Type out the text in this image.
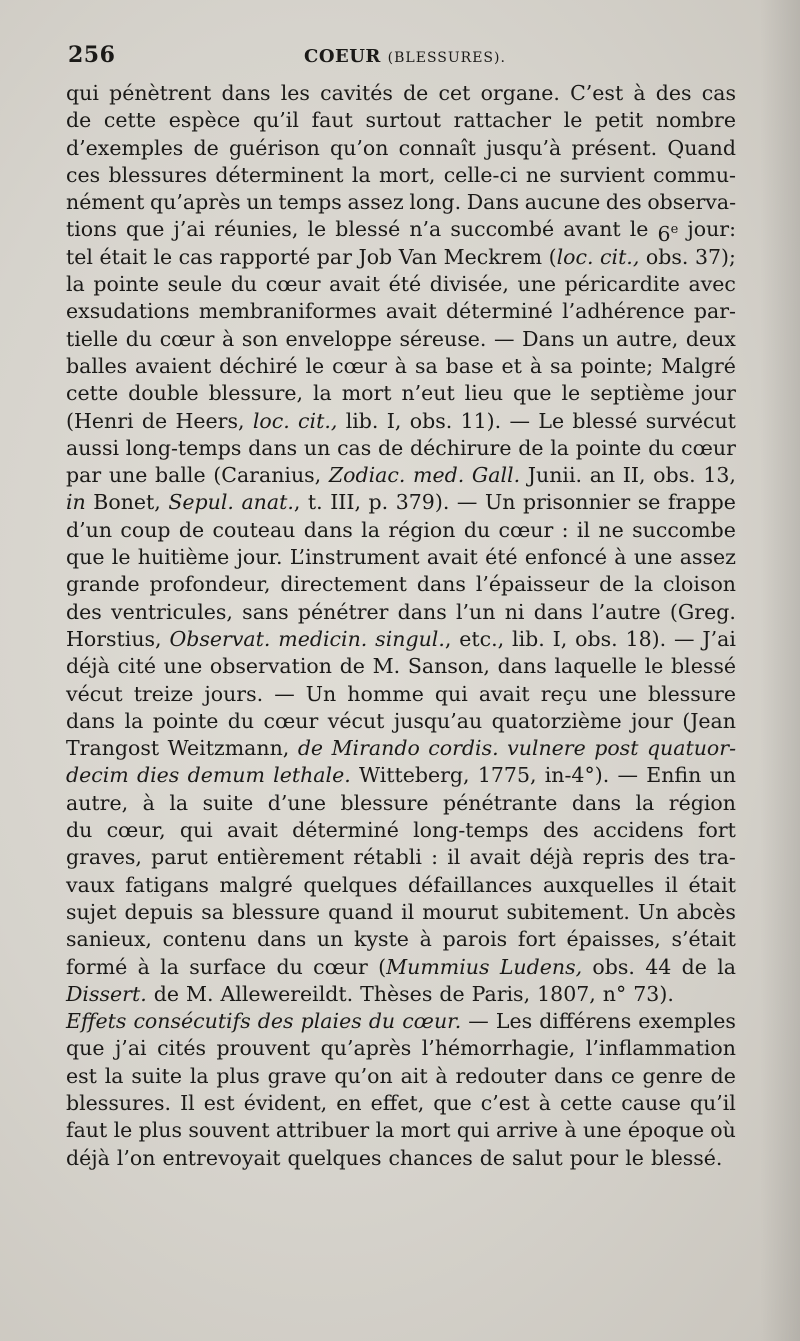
256	COEUR (BLESSURES).
qui pénètrent dans les cavités de cet organe. C’est à des cas
de cette espèce qu’il faut surtout rattacher le petit nombre
d’exemples de guérison qu’on connaît jusqu’à présent. Quand
ces blessures déterminent la mort, celle-ci ne survient commu-
nément qu’après un temps assez long. Dans aucune des observa-
tions que j’ai réunies, le blessé n’a succombé avant le 6e jour:
tel était le cas rapporté par Job Van Meckrem (loc. cit., obs. 37);
la pointe seule du cœur avait été divisée, une péricardite avec
exsudations membraniformes avait déterminé l’adhérence par-
tielle du cœur à son enveloppe séreuse. — Dans un autre, deux
balles avaient déchiré le cœur à sa base et à sa pointe; Malgré
cette double blessure, la mort n’eut lieu que le septième jour
(Henri de Heers, loc. cit., lib. I, obs. 11). — Le blessé survécut
aussi long-temps dans un cas de déchirure de la pointe du cœur
par une balle (Caranius, Zodiac. med. Gall. Junii. an II, obs. 13,
in Bonet, Sepul. anat., t. III, p. 379). — Un prisonnier se frappe
d’un coup de couteau dans la région du cœur : il ne succombe
que le huitième jour. L’instrument avait été enfoncé à une assez
grande profondeur, directement dans l’épaisseur de la cloison
des ventricules, sans pénétrer dans l’un ni dans l’autre (Greg.
Horstius, Observat. medicin. singul., etc., lib. I, obs. 18). — J’ai
déjà cité une observation de M. Sanson, dans laquelle le blessé
vécut treize jours. — Un homme qui avait reçu une blessure
dans la pointe du cœur vécut jusqu’au quatorzième jour (Jean
Trangost Weitzmann, de Mirando cordis. vulnere post quatuor-
decim dies demum lethale. Witteberg, 1775, in-4°). — Enfin un
autre, à la suite d’une blessure pénétrante dans la région
du cœur, qui avait déterminé long-temps des accidens fort
graves, parut entièrement rétabli : il avait déjà repris des tra-
vaux fatigans malgré quelques défaillances auxquelles il était
sujet depuis sa blessure quand il mourut subitement. Un abcès
sanieux, contenu dans un kyste à parois fort épaisses, s’était
formé à la surface du cœur (Mummius Ludens, obs. 44 de la
Dissert. de M. Allewereildt. Thèses de Paris, 1807, n° 73).
Effets consécutifs des plaies du cœur. — Les différens exemples
que j’ai cités prouvent qu’après l’hémorrhagie, l’inflammation
est la suite la plus grave qu’on ait à redouter dans ce genre de
blessures. Il est évident, en effet, que c’est à cette cause qu’il
faut le plus souvent attribuer la mort qui arrive à une époque où
déjà l’on entrevoyait quelques chances de salut pour le blessé.
